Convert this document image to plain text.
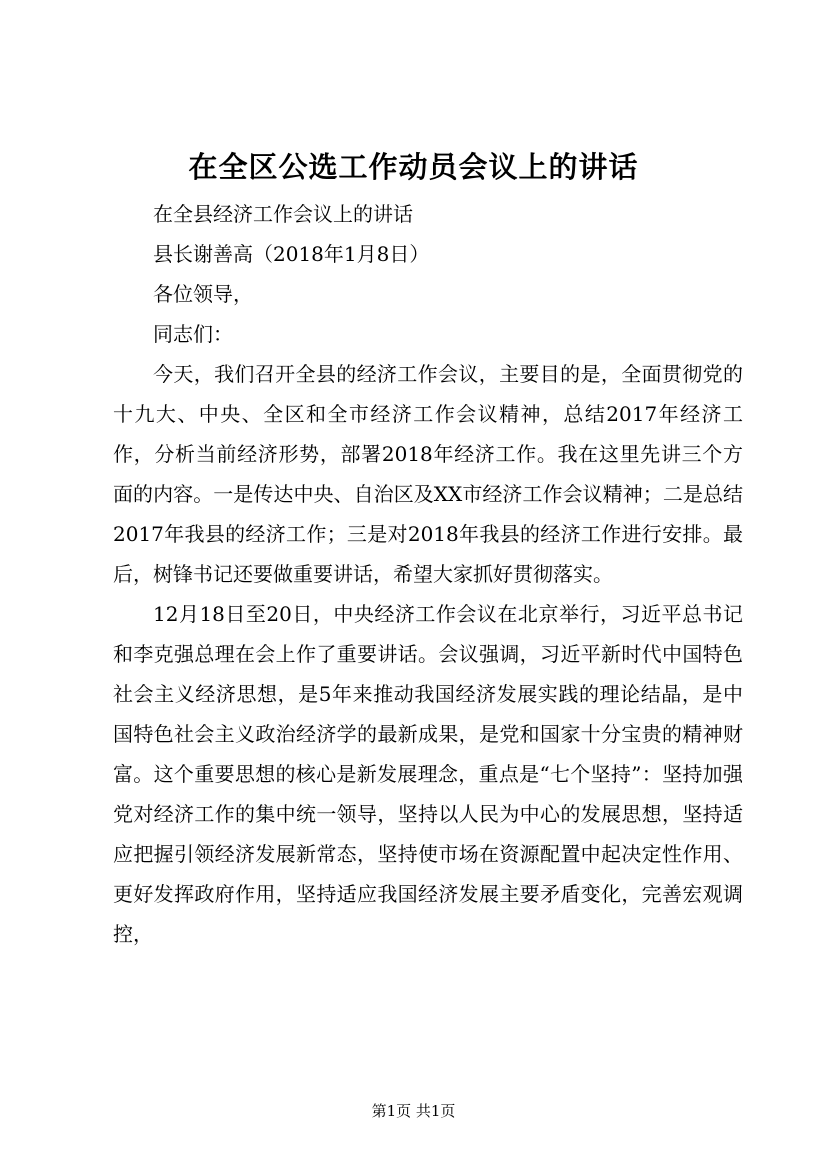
在全区公选工作动员会议上的讲话

在全县经济工作会议上的讲话

县长谢善高（2018年1月8日）

各位领导，

同志们：

今天，我们召开全县的经济工作会议，主要目的是，全面贯彻党的十九大、中央、全区和全市经济工作会议精神，总结2017年经济工作，分析当前经济形势，部署2018年经济工作。我在这里先讲三个方面的内容。一是传达中央、自治区及XX市经济工作会议精神；二是总结2017年我县的经济工作；三是对2018年我县的经济工作进行安排。最后，树锋书记还要做重要讲话，希望大家抓好贯彻落实。

12月18日至20日，中央经济工作会议在北京举行，习近平总书记和李克强总理在会上作了重要讲话。会议强调，习近平新时代中国特色社会主义经济思想，是5年来推动我国经济发展实践的理论结晶，是中国特色社会主义政治经济学的最新成果，是党和国家十分宝贵的精神财富。这个重要思想的核心是新发展理念，重点是“七个坚持”：坚持加强党对经济工作的集中统一领导，坚持以人民为中心的发展思想，坚持适应把握引领经济发展新常态，坚持使市场在资源配置中起决定性作用、更好发挥政府作用，坚持适应我国经济发展主要矛盾变化，完善宏观调控，

第1页 共1页
